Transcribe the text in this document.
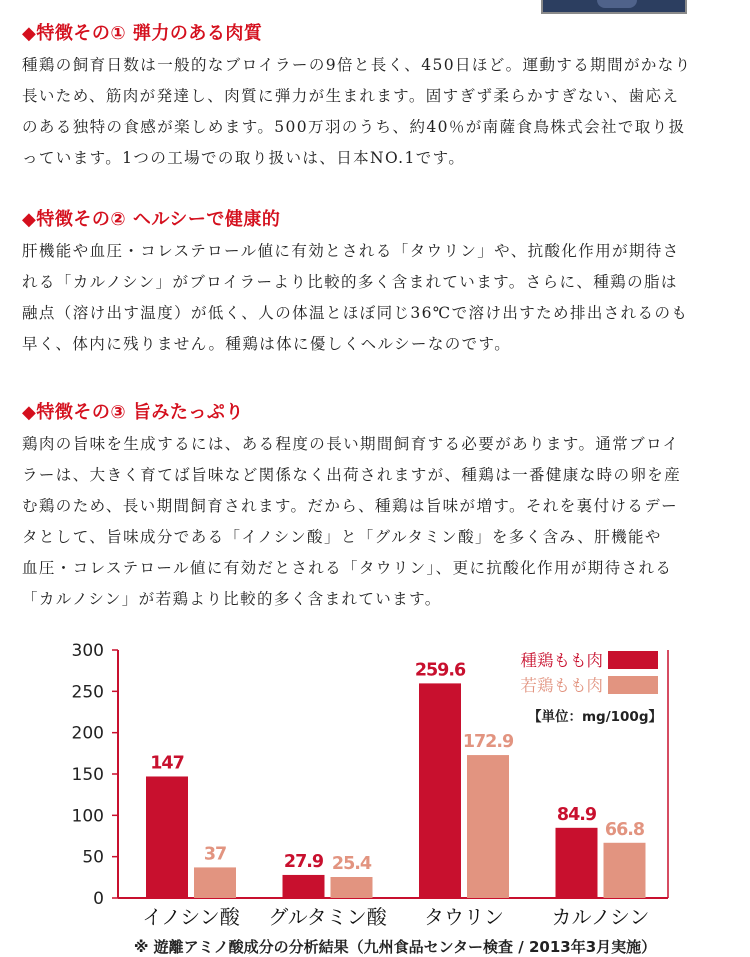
◆特徴その① 弾力のある肉質
種鶏の飼育日数は一般的なブロイラーの9倍と長く、450日ほど。運動する期間がかなり
長いため、筋肉が発達し、肉質に弾力が生まれます。固すぎず柔らかすぎない、歯応え
のある独特の食感が楽しめます。500万羽のうち、約40％が南薩食鳥株式会社で取り扱
っています。1つの工場での取り扱いは、日本NO.1です。
◆特徴その② ヘルシーで健康的
肝機能や血圧・コレステロール値に有効とされる「タウリン」や、抗酸化作用が期待さ
れる「カルノシン」がブロイラーより比較的多く含まれています。さらに、種鶏の脂は
融点（溶け出す温度）が低く、人の体温とほぼ同じ36℃で溶け出すため排出されるのも
早く、体内に残りません。種鶏は体に優しくヘルシーなのです。
◆特徴その③ 旨みたっぷり
鶏肉の旨味を生成するには、ある程度の長い期間飼育する必要があります。通常ブロイ
ラーは、大きく育てば旨味など関係なく出荷されますが、種鶏は一番健康な時の卵を産
む鶏のため、長い期間飼育されます。だから、種鶏は旨味が増す。それを裏付けるデー
タとして、旨味成分である「イノシン酸」と「グルタミン酸」を多く含み、肝機能や
血圧・コレステロール値に有効だとされる「タウリン」、更に抗酸化作用が期待される
「カルノシン」が若鶏より比較的多く含まれています。
0
50
100
150
200
250
300
147
37
イノシン酸
27.9 25.4
グルタミン酸
259.6
172.9
タウリン
84.9
66.8
カルノシン
種鶏もも肉
若鶏もも肉
【単位：mg/100g】
※ 遊離アミノ酸成分の分析結果（九州食品センター検査 / 2013年3月実施）
